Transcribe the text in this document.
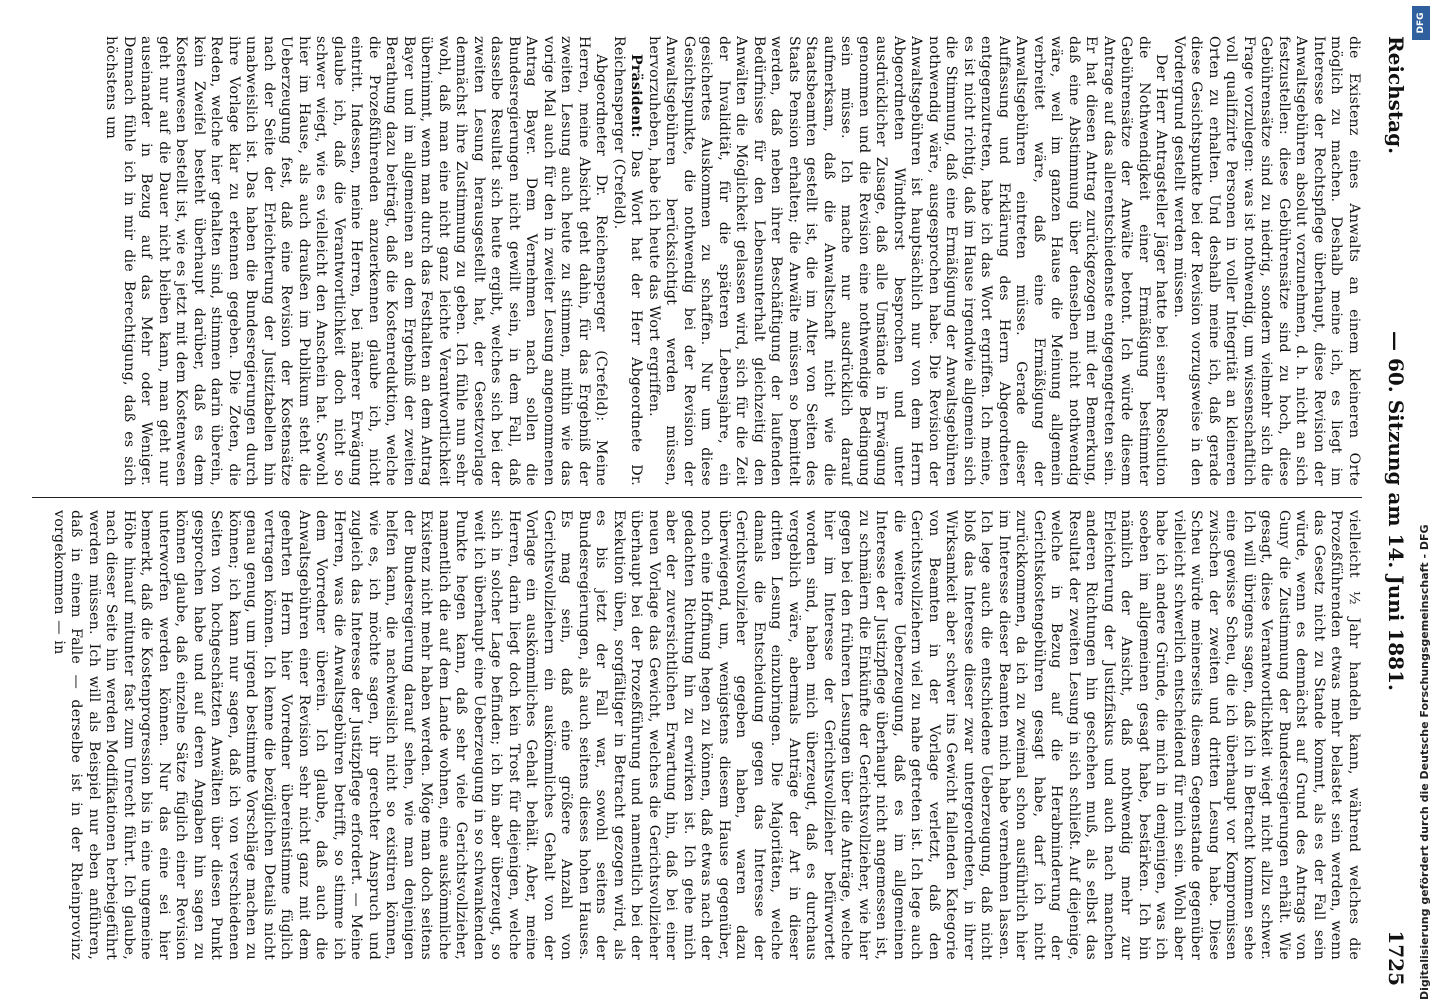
Reichstag.
— 60. Sitzung am 14. Juni 1881.
1725

die Existenz eines Anwalts an einem kleineren Orte möglich zu machen. Deshalb meine ich, es liegt im Interesse der Rechtspflege überhaupt, diese Revision der Anwaltsgebühren absolut vorzunehmen, d. h. nicht an sich festzustellen: diese Gebührensätze sind zu hoch, diese Gebührensätze sind zu niedrig, sondern vielmehr sich die Frage vorzulegen: was ist nothwendig, um wissenschaftlich voll qualifizirte Personen in voller Integrität an kleineren Orten zu erhalten. Und deshalb meine ich, daß gerade diese Gesichtspunkte bei der Revision vorzugsweise in den Vordergrund gestellt werden müssen.

Der Herr Antragsteller Jäger hatte bei seiner Resolution die Nothwendigkeit einer Ermäßigung bestimmter Gebührensätze der Anwälte betont. Ich würde diesem Antrage auf das allerentschiedenste entgegengetreten sein. Er hat diesen Antrag zurückgezogen mit der Bemerkung, daß eine Abstimmung über denselben nicht nothwendig wäre, weil im ganzen Hause die Meinung allgemein verbreitet wäre, daß eine Ermäßigung der Anwaltsgebühren eintreten müsse. Gerade dieser Auffassung und Erklärung des Herrn Abgeordneten entgegenzutreten, habe ich das Wort ergriffen. Ich meine, es ist nicht richtig, daß im Hause irgendwie allgemein sich die Stimmung, daß eine Ermäßigung der Anwaltsgebühren nothwendig wäre, ausgesprochen habe. Die Revision der Anwaltsgebühren ist hauptsächlich nur von dem Herrn Abgeordneten Windthorst besprochen und unter ausdrücklicher Zusage, daß alle Umstände in Erwägung genommen und die Revision eine nothwendige Bedingung sein müsse. Ich mache nur ausdrücklich darauf aufmerksam, daß die Anwaltschaft nicht wie die Staatsbeamten gestellt ist, die im Alter von Seiten des Staats Pension erhalten; die Anwälte müssen so bemittelt werden, daß neben ihrer Beschäftigung der laufenden Bedürfnisse für den Lebensunterhalt gleichzeitig den Anwälten die Möglichkeit gelassen wird, sich für die Zeit der Invalidität, für die späteren Lebensjahre, ein gesichertes Auskommen zu schaffen. Nur um diese Gesichtspunkte, die nothwendig bei der Revision der Anwaltsgebühren berücksichtigt werden müssen, hervorzuheben, habe ich heute das Wort ergriffen.

Präsident: Das Wort hat der Herr Abgeordnete Dr. Reichensperger (Crefeld).

Abgeordneter Dr. Reichensperger (Crefeld): Meine Herren, meine Absicht geht dahin, für das Ergebniß der zweiten Lesung auch heute zu stimmen, mithin wie das vorige Mal auch für den in zweiter Lesung angenommenen Antrag Bayer. Dem Vernehmen nach sollen die Bundesregierungen nicht gewillt sein, in dem Fall, daß dasselbe Resultat sich heute ergibt, welches sich bei der zweiten Lesung herausgestellt hat, der Gesetzvorlage demnächst ihre Zustimmung zu geben. Ich fühle nun sehr wohl, daß man eine nicht ganz leichte Verantwortlichkeit übernimmt, wenn man durch das Festhalten an dem Antrag Bayer und im allgemeinen an dem Ergebniß der zweiten Berathung dazu beiträgt, daß die Kostenreduktion, welche die Prozeßführenden anzuerkennen glaube ich, nicht eintritt. Indessen, meine Herren, bei näherer Erwägung glaube ich, daß die Verantwortlichkeit doch nicht so schwer wiegt, wie es vielleicht den Anschein hat. Sowohl hier im Hause, als auch draußen im Publikum steht die Ueberzeugung fest, daß eine Revision der Kostensätze nach der Seite der Erleichterung der Justiztabellen hin unabweislich ist. Das haben die Bundesregierungen durch ihre Vorlage klar zu erkennen gegeben. Die Zoten, die Reden, welche hier gehalten sind, stimmen darin überein, kein Zweifel besteht überhaupt darüber, daß es dem Kostenwesen bestellt ist, wie es jetzt mit dem Kostenwesen geht nur auf die Dauer nicht bleiben kann, man geht nur auseinander in Bezug auf das Mehr oder Weniger. Demnach fühle ich in mir die Berechtigung, daß es sich höchstens um

vielleicht ½ Jahr handeln kann, während welches die Prozeßführenden etwas mehr belastet sein werden, wenn das Gesetz nicht zu Stande kommt, als es der Fall sein würde, wenn es demnächst auf Grund des Antrags von Guny die Zustimmung der Bundesregierungen erhält. Wie gesagt, diese Verantwortlichkeit wiegt nicht allzu schwer. Ich will übrigens sagen, daß ich in Betracht kommen sehe eine gewisse Scheu, die ich überhaupt vor Kompromissen zwischen der zweiten und dritten Lesung habe. Diese Scheu würde meinerseits diesem Gegenstande gegenüber vielleicht schwerlich entscheidend für mich sein. Wohl aber habe ich andere Gründe, die mich in demjenigen, was ich soeben im allgemeinen gesagt habe, bestärken. Ich bin nämlich der Ansicht, daß nothwendig mehr zur Erleichterung der Justizfiskus und auch nach manchen anderen Richtungen hin geschehen muß, als selbst das Resultat der zweiten Lesung in sich schließt. Auf diejenige, welche in Bezug auf die Herabminderung der Gerichtskostengebühren gesagt habe, darf ich nicht zurückkommen, da ich zu zweimal schon ausführlich hier im Interesse dieser Beamten mich habe vernehmen lassen. Ich lege auch die entschiedene Ueberzeugung, daß nicht bloß das Interesse dieser zwar untergeordneten, in ihrer Wirksamkeit aber schwer ins Gewicht fallenden Kategorie von Beamten in der Vorlage verletzt, daß den Gerichtsvollziehern viel zu nahe getreten ist. Ich lege auch die weitere Ueberzeugung, daß es im allgemeinen Interesse der Justizpflege überhaupt nicht angemessen ist, zu schmälern die Einkünfte der Gerichtsvollzieher, wie hier gegen bei den früheren Lesungen über die Anträge, welche hier im Interesse der Gerichtsvollzieher befürwortet worden sind, haben mich überzeugt, daß es durchaus vergeblich wäre, abermals Anträge der Art in dieser dritten Lesung einzubringen. Die Majoritäten, welche damals die Entscheidung gegen das Interesse der Gerichtsvollzieher gegeben haben, waren dazu überwiegend, um, wenigstens diesem Hause gegenüber, noch eine Hoffnung hegen zu können, daß etwas nach der gedachten Richtung hin zu erwirken ist. Ich gehe mich aber der zuversichtlichen Erwartung hin, daß bei einer neuen Vorlage das Gewicht, welches die Gerichtsvollzieher überhaupt bei der Prozeßführung und namentlich bei der Exekution üben, sorgfältiger in Betracht gezogen wird, als es bis jetzt der Fall war, sowohl seitens der Bundesregierungen, als auch seitens dieses hohen Hauses. Es mag sein, daß eine größere Anzahl von Gerichtsvollziehern ein auskömmliches Gehalt von der Vorlage ein auskömmliches Gehalt behält. Aber, meine Herren, darin liegt doch kein Trost für diejenigen, welche sich in solcher Lage befinden; ich bin aber überzeugt, so weit ich überhaupt eine Ueberzeugung in so schwankenden Punkte hegen kann, daß sehr viele Gerichtsvollzieher, namentlich die auf dem Lande wohnen, eine auskömmliche Existenz nicht mehr haben werden. Möge man doch seitens der Bundesregierung darauf sehen, wie man denjenigen helfen kann, die nachweislich nicht so existiren können, wie es, ich möchte sagen, ihr gerechter Anspruch und zugleich das Interesse der Justizpflege erfordert. — Meine Herren, was die Anwaltsgebühren betrifft, so stimme ich dem Vorredner überein. Ich glaube, daß auch die Anwaltsgebühren einer Revision sehr nicht ganz mit dem geehrten Herrn hier Vorredner übereinstimme füglich vertragen können. Ich kenne die bezüglichen Details nicht genau genug, um irgend bestimmte Vorschläge machen zu können; ich kann nur sagen, daß ich von verschiedenen Seiten von hochgeschätzten Anwälten über diesen Punkt gesprochen habe und auf deren Angaben hin sagen zu können glaube, daß einzelne Sätze füglich einer Revision unterworfen werden können. Nur das eine sei hier bemerkt, daß die Kostenprogression bis in eine ungemeine Höhe hinauf mitunter fast zum Unrecht führt. Ich glaube, nach dieser Seite hin werden Modifikationen herbeigeführt werden müssen. Ich will als Beispiel nur eben anführen, daß in einem Falle — derselbe ist in der Rheinprovinz vorgekommen — in	Digitalisierung gefördert durch die Deutsche Forschungsgemeinschaft - DFG
DFG
